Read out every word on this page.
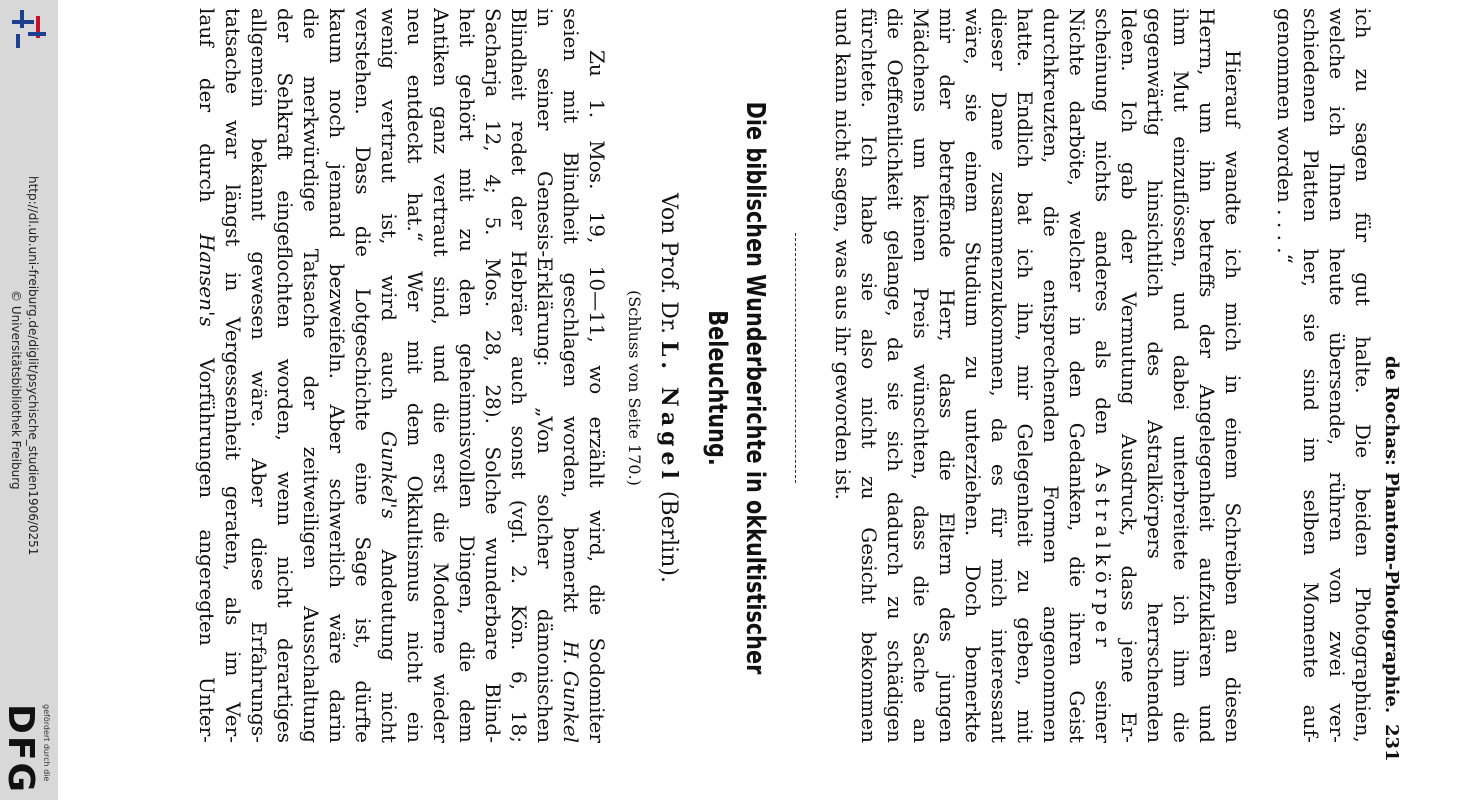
http://dl.ub.uni-freiburg.de/diglit/psychische_studien1906/0251
© Universitätsbibliothek Freiburg
gefördert durch die
DFG
de Rochas: Phantom-Photographie.
231
ich
zu
sagen
für
gut
halte.
Die
beiden
Photographien,
welche
ich
Ihnen
heute
übersende,
rühren
von
zwei
ver-
schiedenen
Platten
her,
sie
sind
im
selben
Momente
auf-
genommen worden . . . .“
Hierauf
wandte
ich
mich
in
einem
Schreiben
an
diesen
Herrn,
um
ihn
betreffs
der
Angelegenheit
aufzuklären
und
ihm
Mut
einzuflössen,
und
dabei
unterbreitete
ich
ihm
die
gegenwärtig
hinsichtlich
des
Astralkörpers
herrschenden
Ideen.
Ich
gab
der
Vermutung
Ausdruck,
dass
jene
Er-
scheinung
nichts
anderes
als
den
Astralkörper
seiner
Nichte
darböte,
welcher
in
den
Gedanken,
die
ihren
Geist
durchkreuzten,
die
entsprechenden
Formen
angenommen
hatte.
Endlich
bat
ich
ihn,
mir
Gelegenheit
zu
geben,
mit
dieser
Dame
zusammenzukommen,
da
es
für
mich
interessant
wäre,
sie
einem
Studium
zu
unterziehen.
Doch
bemerkte
mir
der
betreffende
Herr,
dass
die
Eltern
des
jungen
Mädchens
um
keinen
Preis
wünschten,
dass
die
Sache
an
die
Oeffentlichkeit
gelange,
da
sie
sich
dadurch
zu
schädigen
fürchtete.
Ich
habe
sie
also
nicht
zu
Gesicht
bekommen
und kann nicht sagen, was aus ihr geworden ist.
Die biblischen Wunderberichte in okkultistischer
Beleuchtung.
Von Prof. Dr. L. Nagel (Berlin).
(Schluss von Seite 170.)
Zu
1.
Mos.
19,
10—11,
wo
erzählt
wird,
die
Sodomiter
seien
mit
Blindheit
geschlagen
worden,
bemerkt
H. Gunkel
in
seiner
Genesis-Erklärung:
„Von
solcher
dämonischen
Blindheit
redet
der
Hebräer
auch
sonst
(vgl.
2.
Kön.
6,
18;
Sacharja
12,
4;
5.
Mos.
28,
28).
Solche
wunderbare
Blind-
heit
gehört
mit
zu
den
geheimnisvollen
Dingen,
die
dem
Antiken
ganz
vertraut
sind,
und
die
erst
die
Moderne
wieder
neu
entdeckt
hat.“
Wer
mit
dem
Okkultismus
nicht
ein
wenig
vertraut
ist,
wird
auch
Gunkel's
Andeutung
nicht
verstehen.
Dass
die
Lotgeschichte
eine
Sage
ist,
dürfte
kaum
noch
jemand
bezweifeln.
Aber
schwerlich
wäre
darin
die
merkwürdige
Tatsache
der
zeitweiligen
Ausschaltung
der
Sehkraft
eingeflochten
worden,
wenn
nicht
derartiges
allgemein
bekannt
gewesen
wäre.
Aber
diese
Erfahrungs-
tatsache
war
längst
in
Vergessenheit
geraten,
als
im
Ver-
lauf
der
durch
Hansen's
Vorführungen
angeregten
Unter-
